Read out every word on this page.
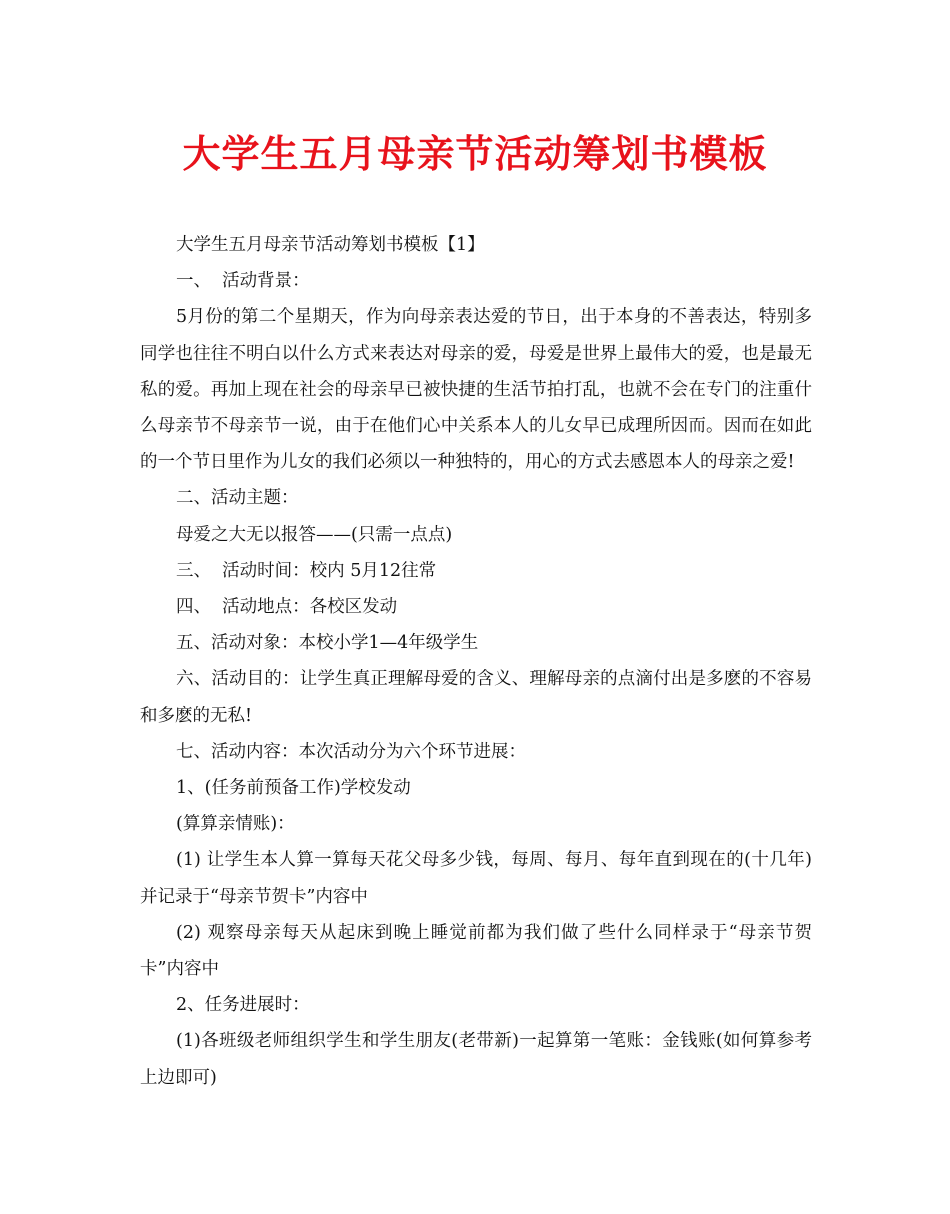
大学生五月母亲节活动筹划书模板

大学生五月母亲节活动筹划书模板【1】

一、  活动背景：

5月份的第二个星期天，作为向母亲表达爱的节日，出于本身的不善表达，特别多同学也往往不明白以什么方式来表达对母亲的爱，母爱是世界上最伟大的爱，也是最无私的爱。再加上现在社会的母亲早已被快捷的生活节拍打乱，也就不会在专门的注重什么母亲节不母亲节一说，由于在他们心中关系本人的儿女早已成理所因而。因而在如此的一个节日里作为儿女的我们必须以一种独特的，用心的方式去感恩本人的母亲之爱!

二、活动主题：

母爱之大无以报答——(只需一点点)

三、  活动时间：校内 5月12往常

四、  活动地点：各校区发动

五、活动对象：本校小学1—4年级学生

六、活动目的：让学生真正理解母爱的含义、理解母亲的点滴付出是多麽的不容易和多麽的无私!

七、活动内容：本次活动分为六个环节进展：

1、(任务前预备工作)学校发动

(算算亲情账)：

(1) 让学生本人算一算每天花父母多少钱，每周、每月、每年直到现在的(十几年)并记录于“母亲节贺卡”内容中

(2) 观察母亲每天从起床到晚上睡觉前都为我们做了些什么同样录于“母亲节贺卡”内容中

2、任务进展时：

(1)各班级老师组织学生和学生朋友(老带新)一起算第一笔账：金钱账(如何算参考上边即可)
